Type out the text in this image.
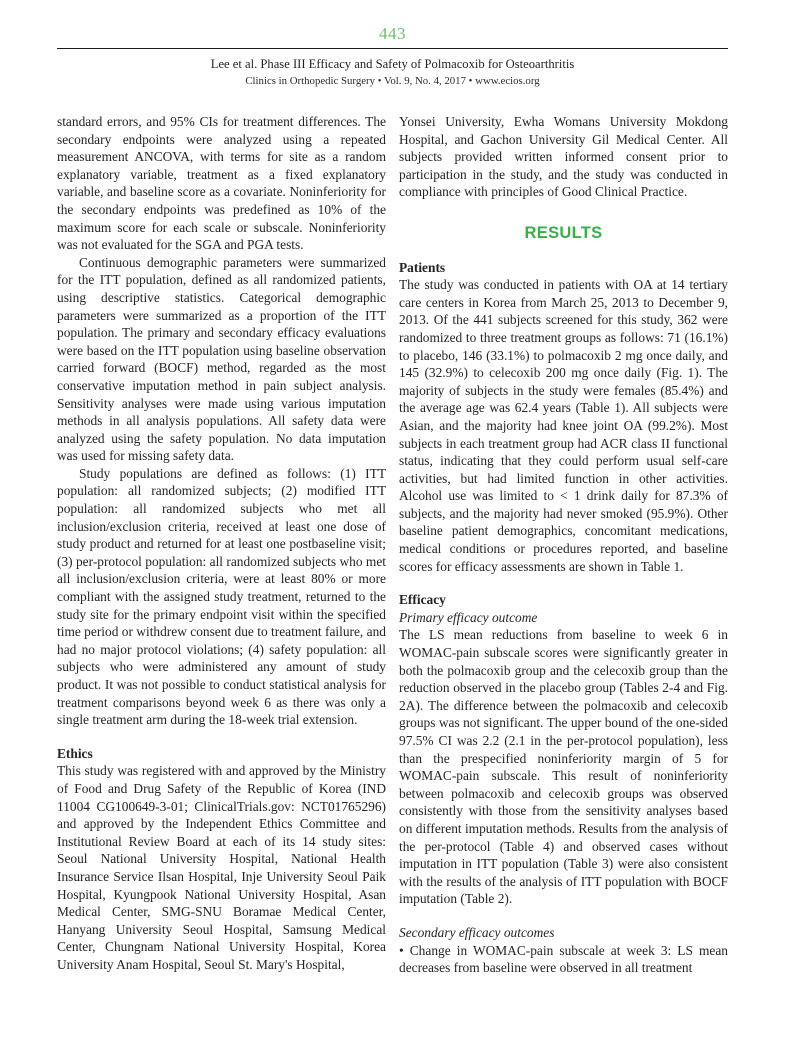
443

Lee et al. Phase III Efficacy and Safety of Polmacoxib for Osteoarthritis

Clinics in Orthopedic Surgery • Vol. 9, No. 4, 2017 • www.ecios.org

standard errors, and 95% CIs for treatment differences. The secondary endpoints were analyzed using a repeated measurement ANCOVA, with terms for site as a random explanatory variable, treatment as a fixed explanatory variable, and baseline score as a covariate. Noninferiority for the secondary endpoints was predefined as 10% of the maximum score for each scale or subscale. Noninferiority was not evaluated for the SGA and PGA tests.

Continuous demographic parameters were summarized for the ITT population, defined as all randomized patients, using descriptive statistics. Categorical demographic parameters were summarized as a proportion of the ITT population. The primary and secondary efficacy evaluations were based on the ITT population using baseline observation carried forward (BOCF) method, regarded as the most conservative imputation method in pain subject analysis. Sensitivity analyses were made using various imputation methods in all analysis populations. All safety data were analyzed using the safety population. No data imputation was used for missing safety data.

Study populations are defined as follows: (1) ITT population: all randomized subjects; (2) modified ITT population: all randomized subjects who met all inclusion/exclusion criteria, received at least one dose of study product and returned for at least one postbaseline visit; (3) per-protocol population: all randomized subjects who met all inclusion/exclusion criteria, were at least 80% or more compliant with the assigned study treatment, returned to the study site for the primary endpoint visit within the specified time period or withdrew consent due to treatment failure, and had no major protocol violations; (4) safety population: all subjects who were administered any amount of study product. It was not possible to conduct statistical analysis for treatment comparisons beyond week 6 as there was only a single treatment arm during the 18-week trial extension.

Ethics

This study was registered with and approved by the Ministry of Food and Drug Safety of the Republic of Korea (IND 11004 CG100649-3-01; ClinicalTrials.gov: NCT01765296) and approved by the Independent Ethics Committee and Institutional Review Board at each of its 14 study sites: Seoul National University Hospital, National Health Insurance Service Ilsan Hospital, Inje University Seoul Paik Hospital, Kyungpook National University Hospital, Asan Medical Center, SMG-SNU Boramae Medical Center, Hanyang University Seoul Hospital, Samsung Medical Center, Chungnam National University Hospital, Korea University Anam Hospital, Seoul St. Mary's Hospital,

Yonsei University, Ewha Womans University Mokdong Hospital, and Gachon University Gil Medical Center. All subjects provided written informed consent prior to participation in the study, and the study was conducted in compliance with principles of Good Clinical Practice.

RESULTS

Patients

The study was conducted in patients with OA at 14 tertiary care centers in Korea from March 25, 2013 to December 9, 2013. Of the 441 subjects screened for this study, 362 were randomized to three treatment groups as follows: 71 (16.1%) to placebo, 146 (33.1%) to polmacoxib 2 mg once daily, and 145 (32.9%) to celecoxib 200 mg once daily (Fig. 1). The majority of subjects in the study were females (85.4%) and the average age was 62.4 years (Table 1). All subjects were Asian, and the majority had knee joint OA (99.2%). Most subjects in each treatment group had ACR class II functional status, indicating that they could perform usual self-care activities, but had limited function in other activities. Alcohol use was limited to < 1 drink daily for 87.3% of subjects, and the majority had never smoked (95.9%). Other baseline patient demographics, concomitant medications, medical conditions or procedures reported, and baseline scores for efficacy assessments are shown in Table 1.

Efficacy

Primary efficacy outcome

The LS mean reductions from baseline to week 6 in WOMAC-pain subscale scores were significantly greater in both the polmacoxib group and the celecoxib group than the reduction observed in the placebo group (Tables 2-4 and Fig. 2A). The difference between the polmacoxib and celecoxib groups was not significant. The upper bound of the one-sided 97.5% CI was 2.2 (2.1 in the per-protocol population), less than the prespecified noninferiority margin of 5 for WOMAC-pain subscale. This result of noninferiority between polmacoxib and celecoxib groups was observed consistently with those from the sensitivity analyses based on different imputation methods. Results from the analysis of the per-protocol (Table 4) and observed cases without imputation in ITT population (Table 3) were also consistent with the results of the analysis of ITT population with BOCF imputation (Table 2).

Secondary efficacy outcomes

• Change in WOMAC-pain subscale at week 3: LS mean decreases from baseline were observed in all treatment
